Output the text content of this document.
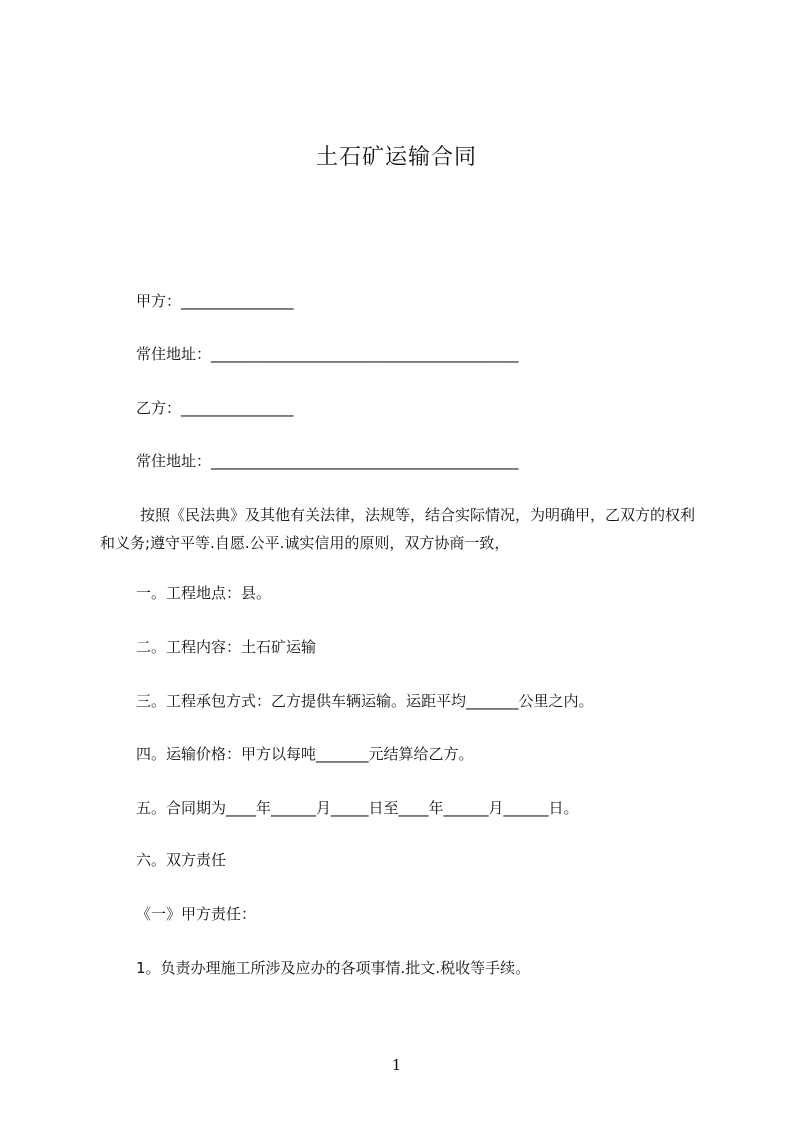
土石矿运输合同
甲方：_______________
常住地址：_________________________________________
乙方：_______________
常住地址：_________________________________________
按照《民法典》及其他有关法律，法规等，结合实际情况，为明确甲，乙双方的权利和义务;遵守平等.自愿.公平.诚实信用的原则，双方协商一致，
一。工程地点：县。
二。工程内容：土石矿运输
三。工程承包方式：乙方提供车辆运输。运距平均_______公里之内。
四。运输价格：甲方以每吨_______元结算给乙方。
五。合同期为____年______月_____日至____年______月______日。
六。双方责任
《一》甲方责任：
1。负责办理施工所涉及应办的各项事情.批文.税收等手续。
1
